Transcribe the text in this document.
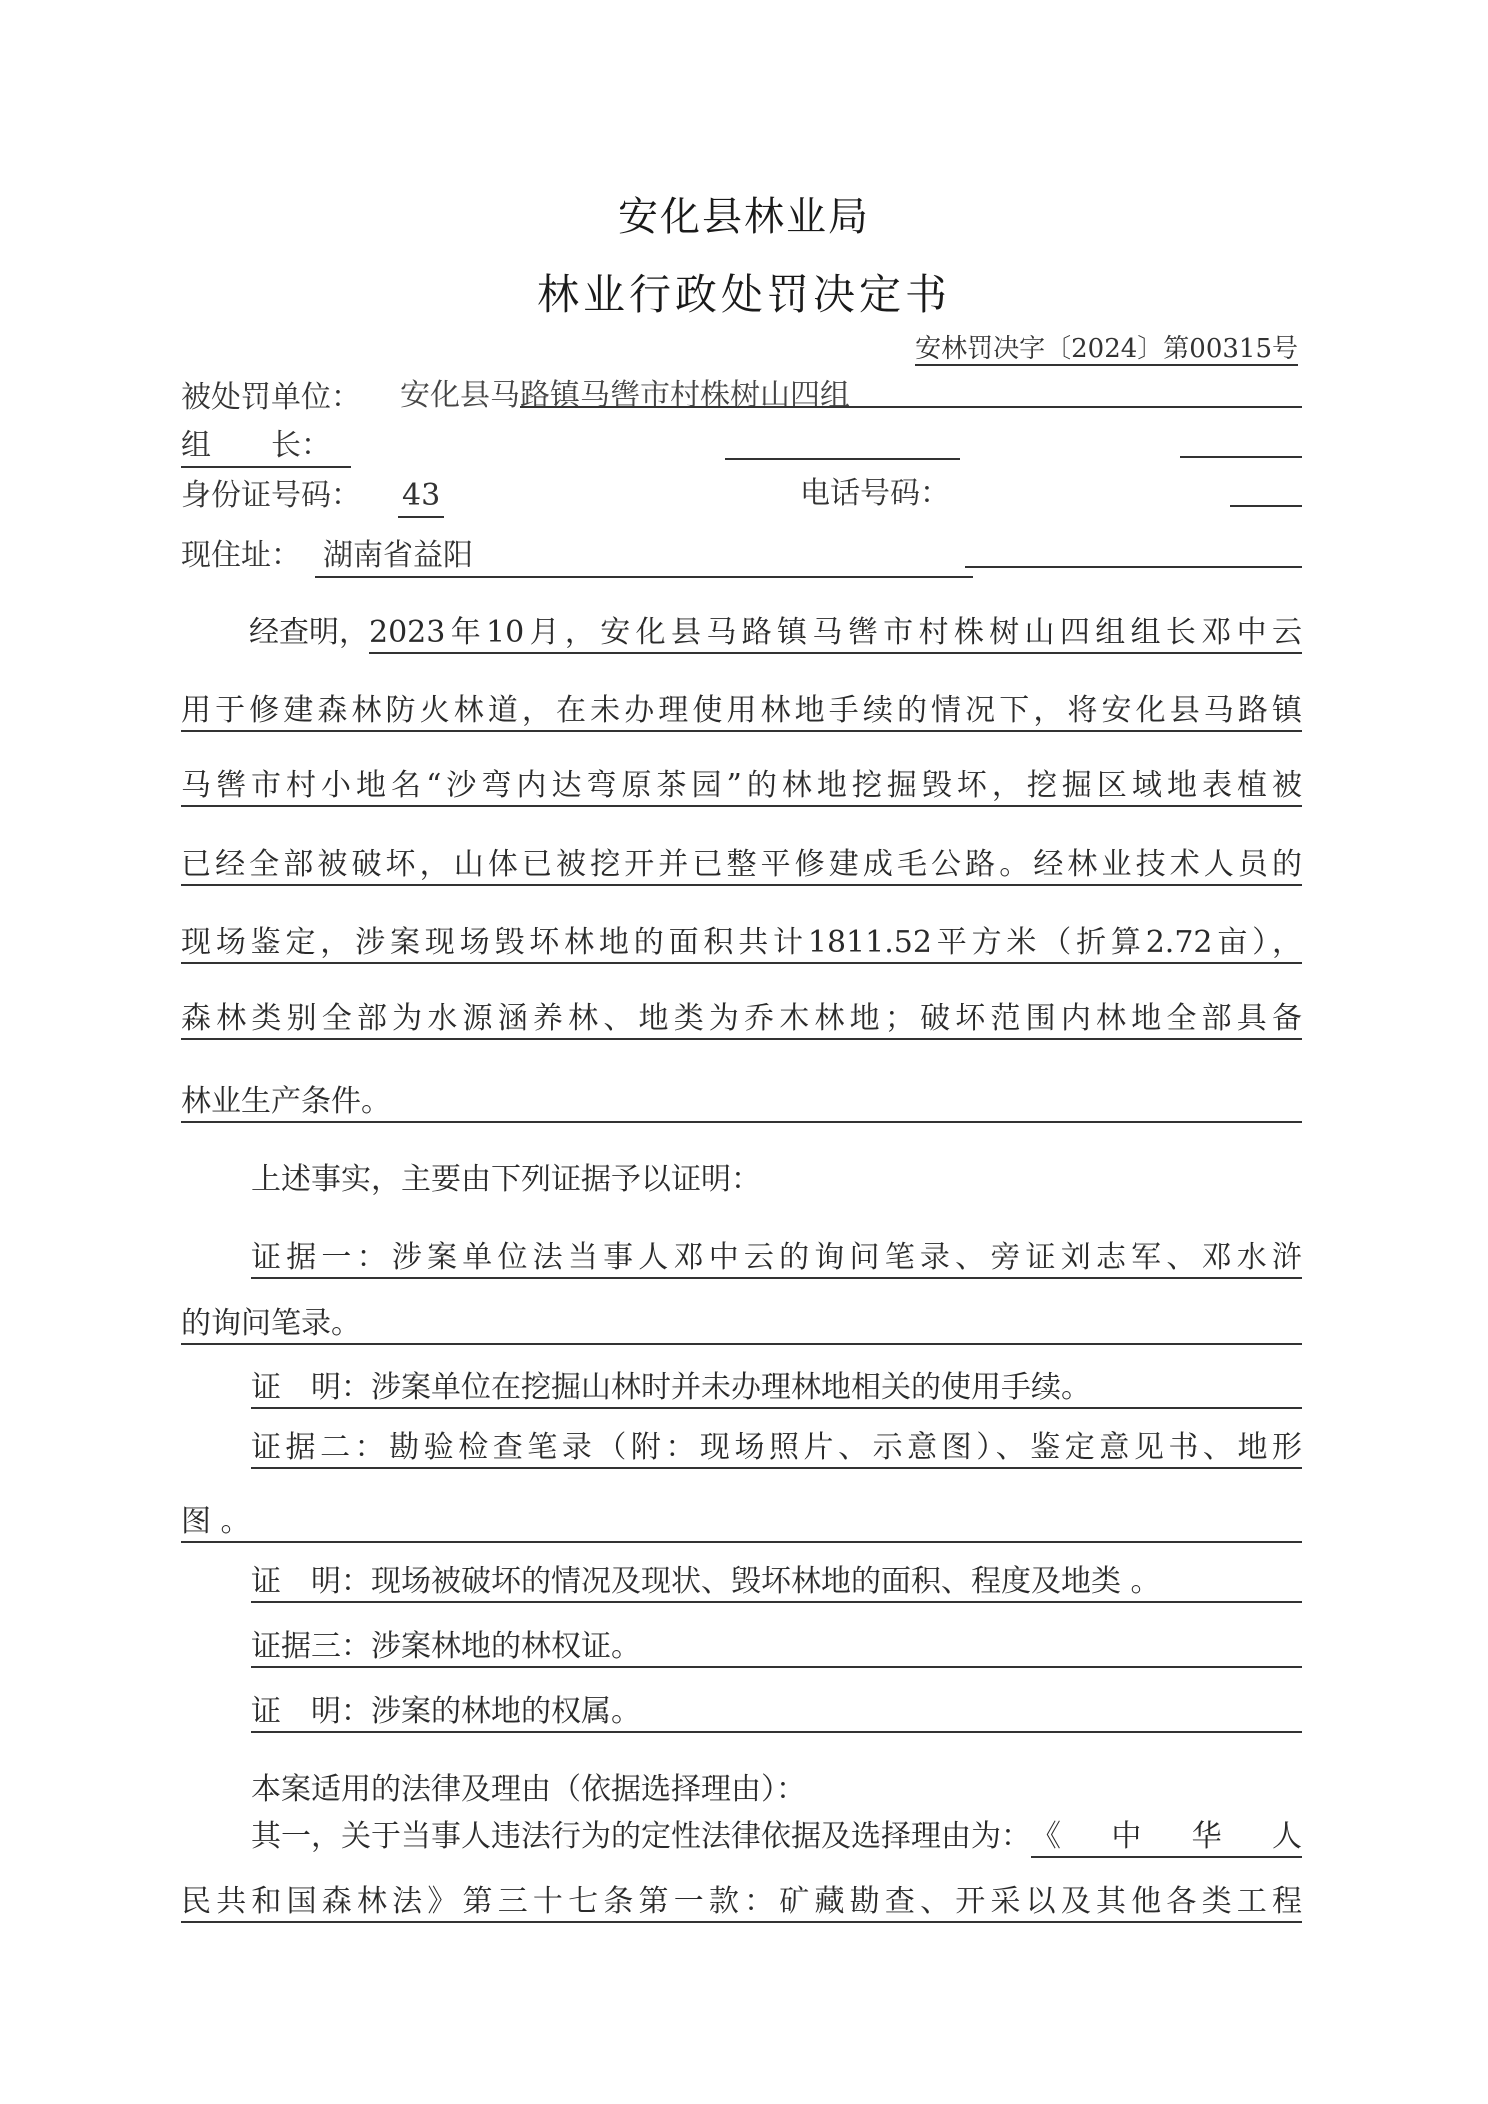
安化县林业局
林业行政处罚决定书
安林罚决字〔2024〕第00315号
被处罚单位： 安化县马路镇马辔市村株树山四组
组　　长：
身份证号码： 43	电话号码：
现住址： 湖南省益阳
经查明， 2023年10月，安化县马路镇马辔市村株树山四组组长邓中云
用于修建森林防火林道，在未办理使用林地手续的情况下，将安化县马路镇
马辔市村小地名“沙弯内达弯原茶园”的林地挖掘毁坏，挖掘区域地表植被
已经全部被破坏，山体已被挖开并已整平修建成毛公路。经林业技术人员的
现场鉴定，涉案现场毁坏林地的面积共计1811.52平方米（折算2.72亩），
森林类别全部为水源涵养林、地类为乔木林地；破坏范围内林地全部具备
林业生产条件。
上述事实，主要由下列证据予以证明：
证据一：涉案单位法当事人邓中云的询问笔录、旁证刘志军、邓水浒
的询问笔录。
证　明：涉案单位在挖掘山林时并未办理林地相关的使用手续。
证据二：勘验检查笔录（附：现场照片、示意图）、鉴定意见书、地形
图 。
证　明：现场被破坏的情况及现状、毁坏林地的面积、程度及地类 。
证据三：涉案林地的林权证。
证　明：涉案的林地的权属。
本案适用的法律及理由（依据选择理由）：
其一，关于当事人违法行为的定性法律依据及选择理由为： 《中华人
民共和国森林法》第三十七条第一款：矿藏勘查、开采以及其他各类工程
